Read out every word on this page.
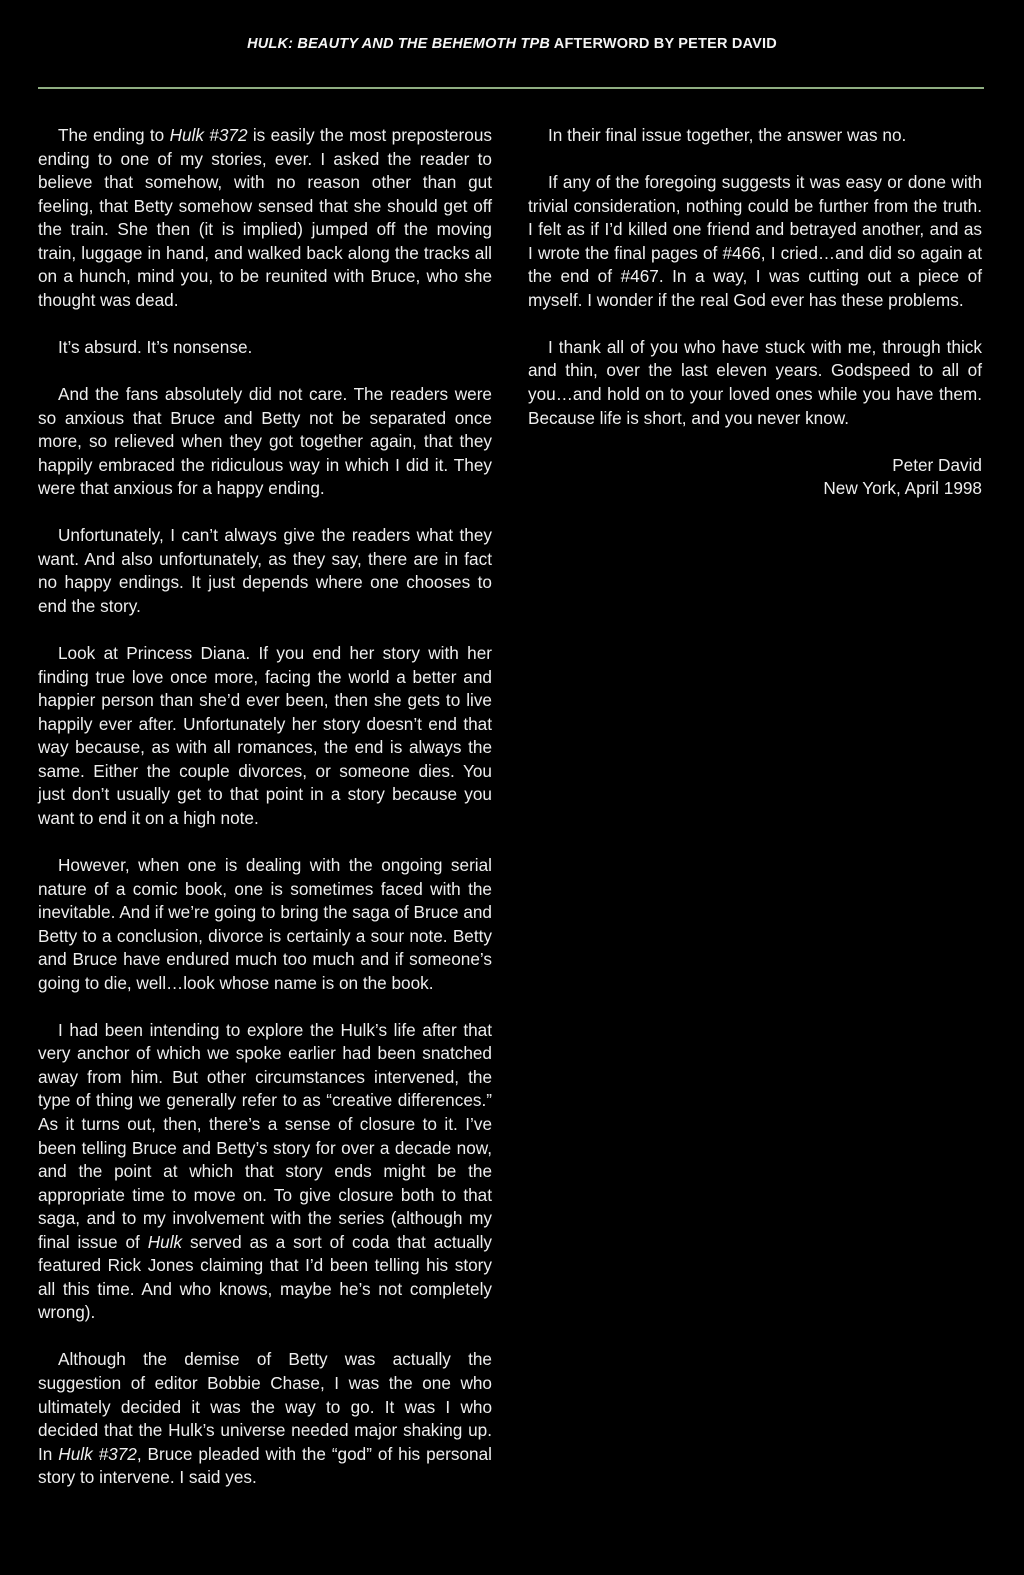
HULK: BEAUTY AND THE BEHEMOTH TPB AFTERWORD BY PETER DAVID

The ending to Hulk #372 is easily the most preposterous ending to one of my stories, ever. I asked the reader to believe that somehow, with no reason other than gut feeling, that Betty somehow sensed that she should get off the train. She then (it is implied) jumped off the moving train, luggage in hand, and walked back along the tracks all on a hunch, mind you, to be reunited with Bruce, who she thought was dead.

It’s absurd. It’s nonsense.

And the fans absolutely did not care. The readers were so anxious that Bruce and Betty not be separated once more, so relieved when they got together again, that they happily embraced the ridiculous way in which I did it. They were that anxious for a happy ending.

Unfortunately, I can’t always give the readers what they want. And also unfortunately, as they say, there are in fact no happy endings. It just depends where one chooses to end the story.

Look at Princess Diana. If you end her story with her finding true love once more, facing the world a better and happier person than she’d ever been, then she gets to live happily ever after. Unfortunately her story doesn’t end that way because, as with all romances, the end is always the same. Either the couple divorces, or someone dies. You just don’t usually get to that point in a story because you want to end it on a high note.

However, when one is dealing with the ongoing serial nature of a comic book, one is sometimes faced with the inevitable. And if we’re going to bring the saga of Bruce and Betty to a conclusion, divorce is certainly a sour note. Betty and Bruce have endured much too much and if someone’s going to die, well…look whose name is on the book.

I had been intending to explore the Hulk’s life after that very anchor of which we spoke earlier had been snatched away from him. But other circumstances intervened, the type of thing we generally refer to as “creative differences.” As it turns out, then, there’s a sense of closure to it. I’ve been telling Bruce and Betty’s story for over a decade now, and the point at which that story ends might be the appropriate time to move on. To give closure both to that saga, and to my involvement with the series (although my final issue of Hulk served as a sort of coda that actually featured Rick Jones claiming that I’d been telling his story all this time. And who knows, maybe he’s not completely wrong).

Although the demise of Betty was actually the suggestion of editor Bobbie Chase, I was the one who ultimately decided it was the way to go. It was I who decided that the Hulk’s universe needed major shaking up. In Hulk #372, Bruce pleaded with the “god” of his personal story to intervene. I said yes.

In their final issue together, the answer was no.

If any of the foregoing suggests it was easy or done with trivial consideration, nothing could be further from the truth. I felt as if I’d killed one friend and betrayed another, and as I wrote the final pages of #466, I cried…and did so again at the end of #467. In a way, I was cutting out a piece of myself. I wonder if the real God ever has these problems.

I thank all of you who have stuck with me, through thick and thin, over the last eleven years. Godspeed to all of you…and hold on to your loved ones while you have them. Because life is short, and you never know.

Peter David
New York, April 1998
